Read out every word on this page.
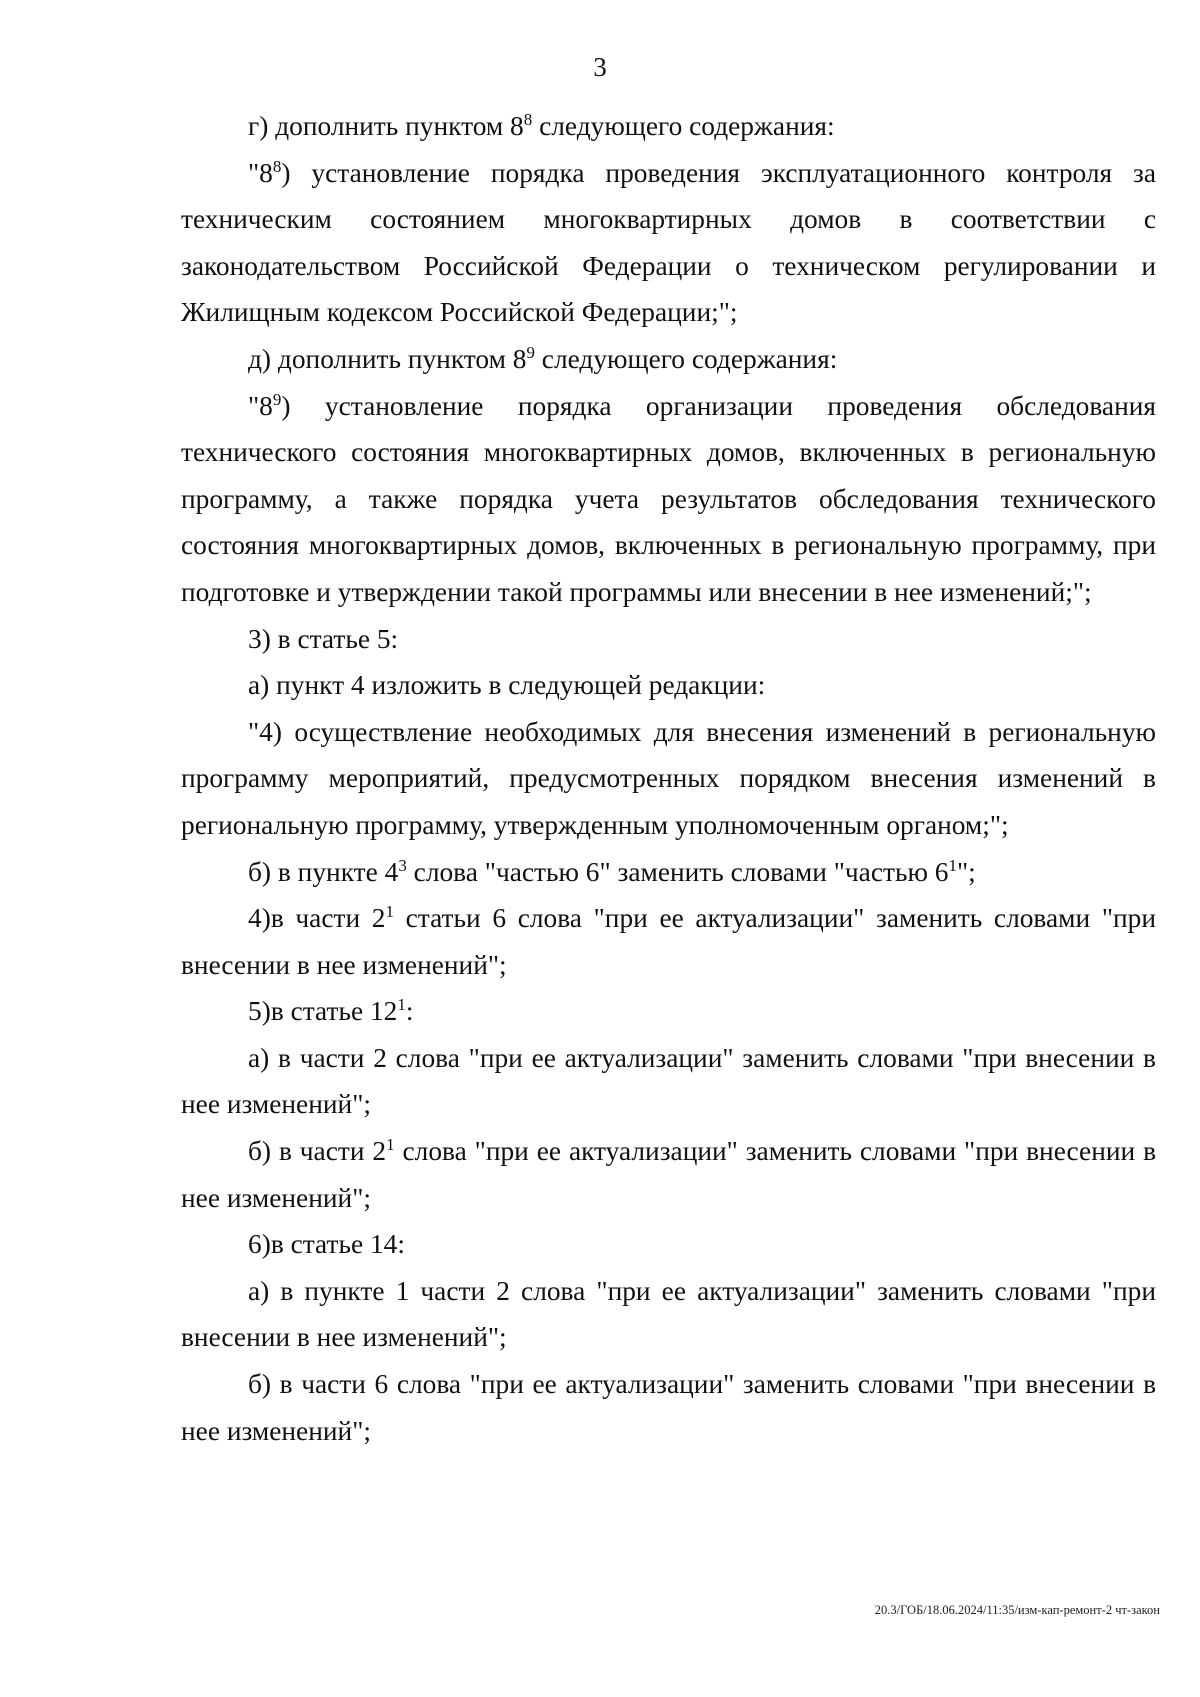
3

г) дополнить пунктом $8^8$ следующего содержания:

"$8^8$) установление порядка проведения эксплуатационного контроля за техническим состоянием многоквартирных домов в соответствии с законодательством Российской Федерации о техническом регулировании и Жилищным кодексом Российской Федерации;";

д) дополнить пунктом $8^9$ следующего содержания:

"$8^9$) установление порядка организации проведения обследования технического состояния многоквартирных домов, включенных в региональную программу, а также порядка учета результатов обследования технического состояния многоквартирных домов, включенных в региональную программу, при подготовке и утверждении такой программы или внесении в нее изменений;";

3) в статье 5:

а) пункт 4 изложить в следующей редакции:

"4) осуществление необходимых для внесения изменений в региональную программу мероприятий, предусмотренных порядком внесения изменений в региональную программу, утвержденным уполномоченным органом;";

б) в пункте $4^3$ слова "частью 6" заменить словами "частью $6^1$";

4)в части $2^1$ статьи 6 слова "при ее актуализации" заменить словами "при внесении в нее изменений";

5)в статье $12^1$:

а) в части 2 слова "при ее актуализации" заменить словами "при внесении в нее изменений";

б) в части $2^1$ слова "при ее актуализации" заменить словами "при внесении в нее изменений";

6)в статье 14:

а) в пункте 1 части 2 слова "при ее актуализации" заменить словами "при внесении в нее изменений";

б) в части 6 слова "при ее актуализации" заменить словами "при внесении в нее изменений";

20.3/ГОБ/18.06.2024/11:35/изм-кап-ремонт-2 чт-закон
